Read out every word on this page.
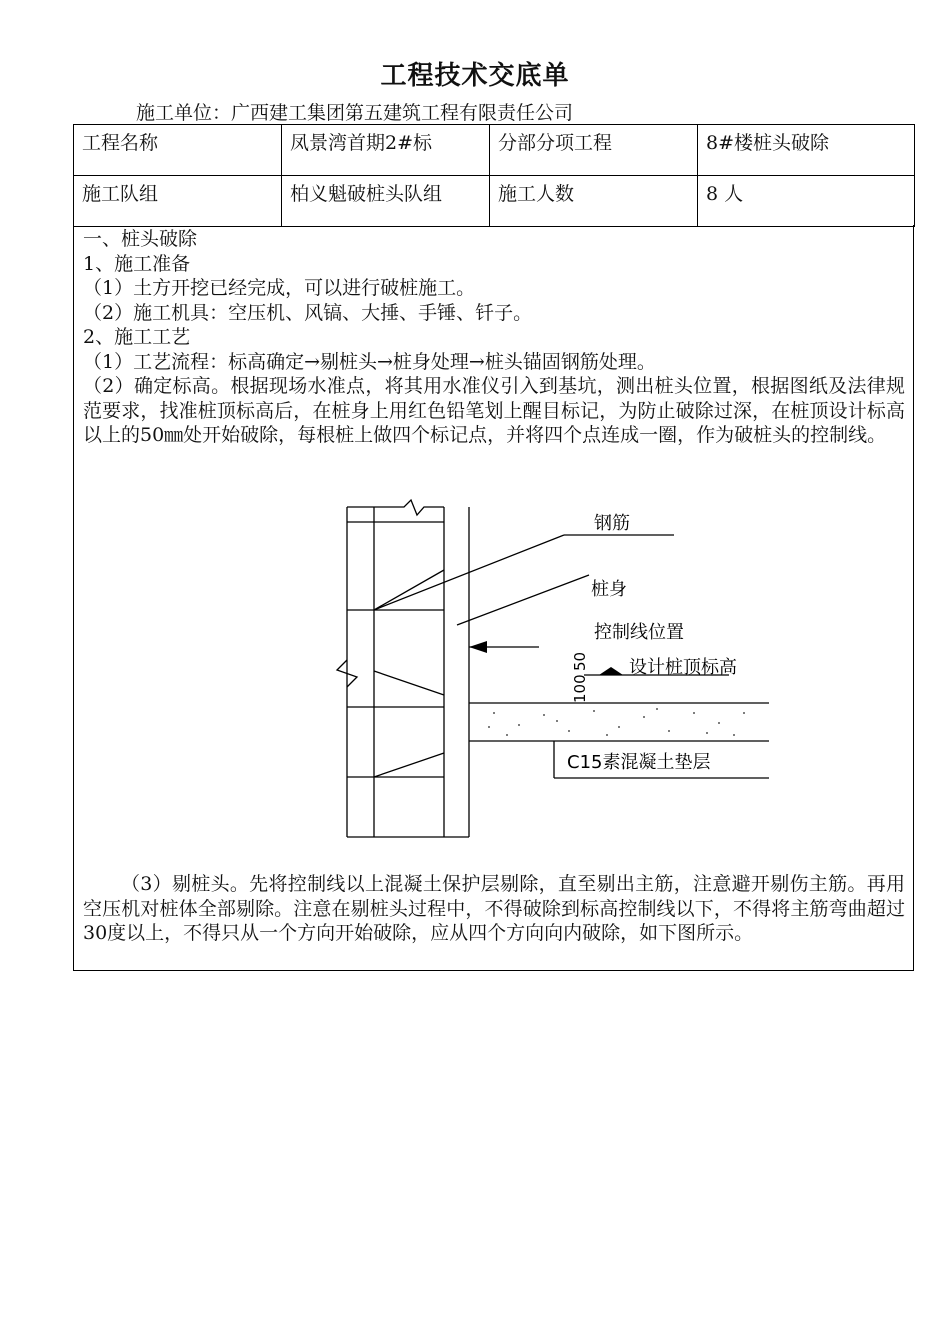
工程技术交底单
施工单位：广西建工集团第五建筑工程有限责任公司
工程名称	凤景湾首期2#标	分部分项工程	8#楼桩头破除
施工队组	柏义魁破桩头队组	施工人数	8 人

一、桩头破除

1、施工准备

（1）土方开挖已经完成，可以进行破桩施工。

（2）施工机具：空压机、风镐、大捶、手锤、钎子。

2、施工工艺

（1）工艺流程：标高确定→剔桩头→桩身处理→桩头锚固钢筋处理。

（2）确定标高。根据现场水准点，将其用水准仪引入到基坑，测出桩头位置，根据图纸及法律规范要求，找准桩顶标高后，在桩身上用红色铅笔划上醒目标记，为防止破除过深，在桩顶设计标高以上的50㎜处开始破除，每根桩上做四个标记点，并将四个点连成一圈，作为破桩头的控制线。

钢筋
桩身
控制线位置
设计桩顶标高
C15素混凝土垫层
50
100

（3）剔桩头。先将控制线以上混凝土保护层剔除，直至剔出主筋，注意避开剔伤主筋。再用空压机对桩体全部剔除。注意在剔桩头过程中，不得破除到标高控制线以下，不得将主筋弯曲超过30度以上，不得只从一个方向开始破除，应从四个方向向内破除，如下图所示。
